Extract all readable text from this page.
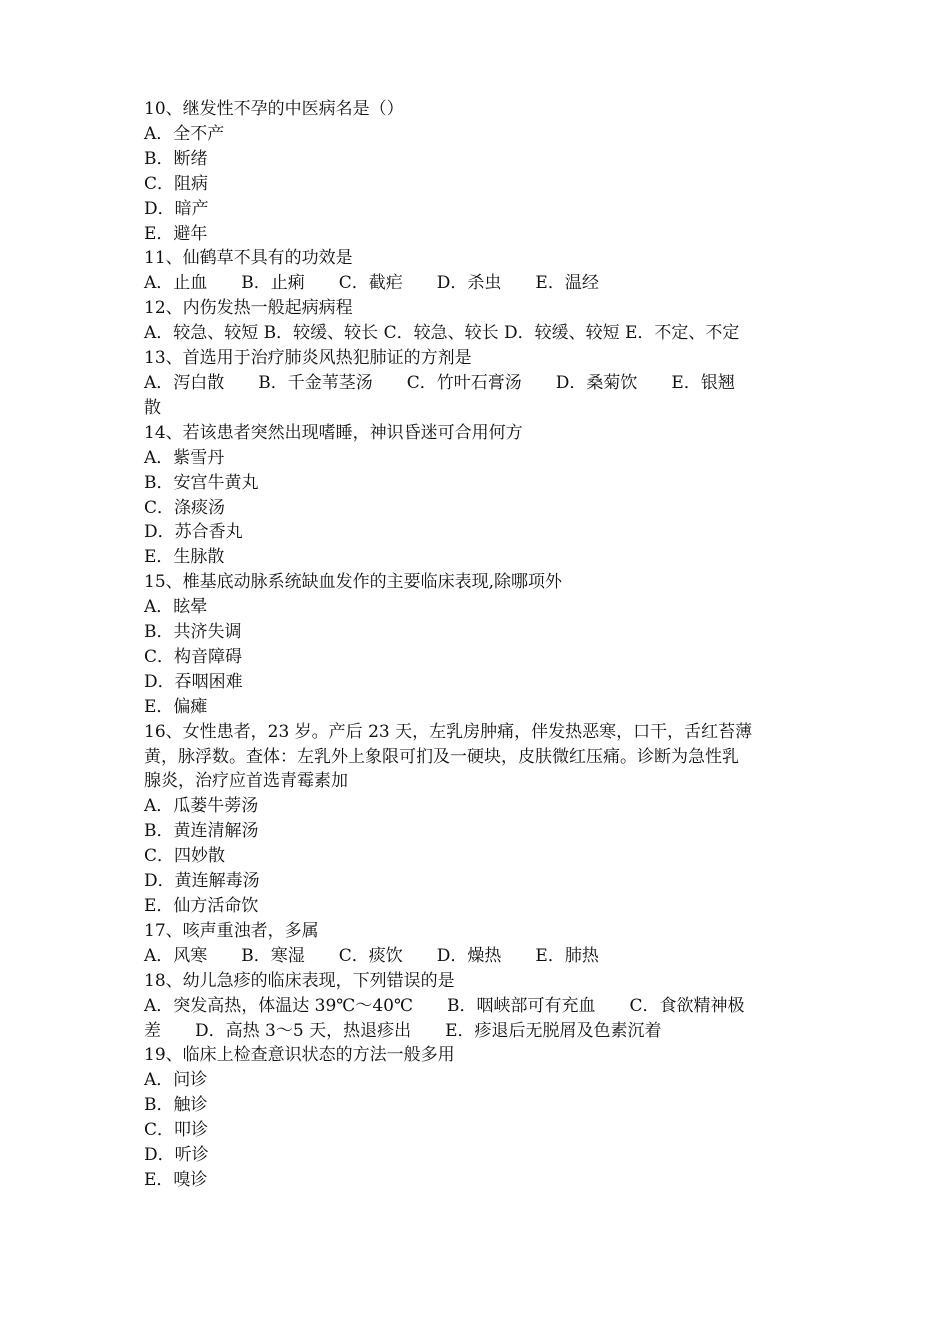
10、继发性不孕的中医病名是（）
A．全不产
B．断绪
C．阻病
D．暗产
E．避年
11、仙鹤草不具有的功效是
A．止血　　B．止痢　　C．截疟　　D．杀虫　　E．温经
12、内伤发热一般起病病程
A．较急、较短 B．较缓、较长 C．较急、较长 D．较缓、较短 E．不定、不定
13、首选用于治疗肺炎风热犯肺证的方剂是
A．泻白散　　B．千金苇茎汤　　C．竹叶石膏汤　　D．桑菊饮　　E．银翘
散
14、若该患者突然出现嗜睡，神识昏迷可合用何方
A．紫雪丹
B．安宫牛黄丸
C．涤痰汤
D．苏合香丸
E．生脉散
15、椎基底动脉系统缺血发作的主要临床表现,除哪项外
A．眩晕
B．共济失调
C．构音障碍
D．吞咽困难
E．偏瘫
16、女性患者，23 岁。产后 23 天，左乳房肿痛，伴发热恶寒，口干，舌红苔薄
黄，脉浮数。查体：左乳外上象限可扪及一硬块，皮肤微红压痛。诊断为急性乳
腺炎，治疗应首选青霉素加
A．瓜蒌牛蒡汤
B．黄连清解汤
C．四妙散
D．黄连解毒汤
E．仙方活命饮
17、咳声重浊者，多属
A．风寒　　B．寒湿　　C．痰饮　　D．燥热　　E．肺热
18、幼儿急疹的临床表现，下列错误的是
A．突发高热，体温达 39℃～40℃　　B．咽峡部可有充血　　C．食欲精神极
差　　D．高热 3～5 天，热退疹出　　E．疹退后无脱屑及色素沉着
19、临床上检查意识状态的方法一般多用
A．问诊
B．触诊
C．叩诊
D．听诊
E．嗅诊
